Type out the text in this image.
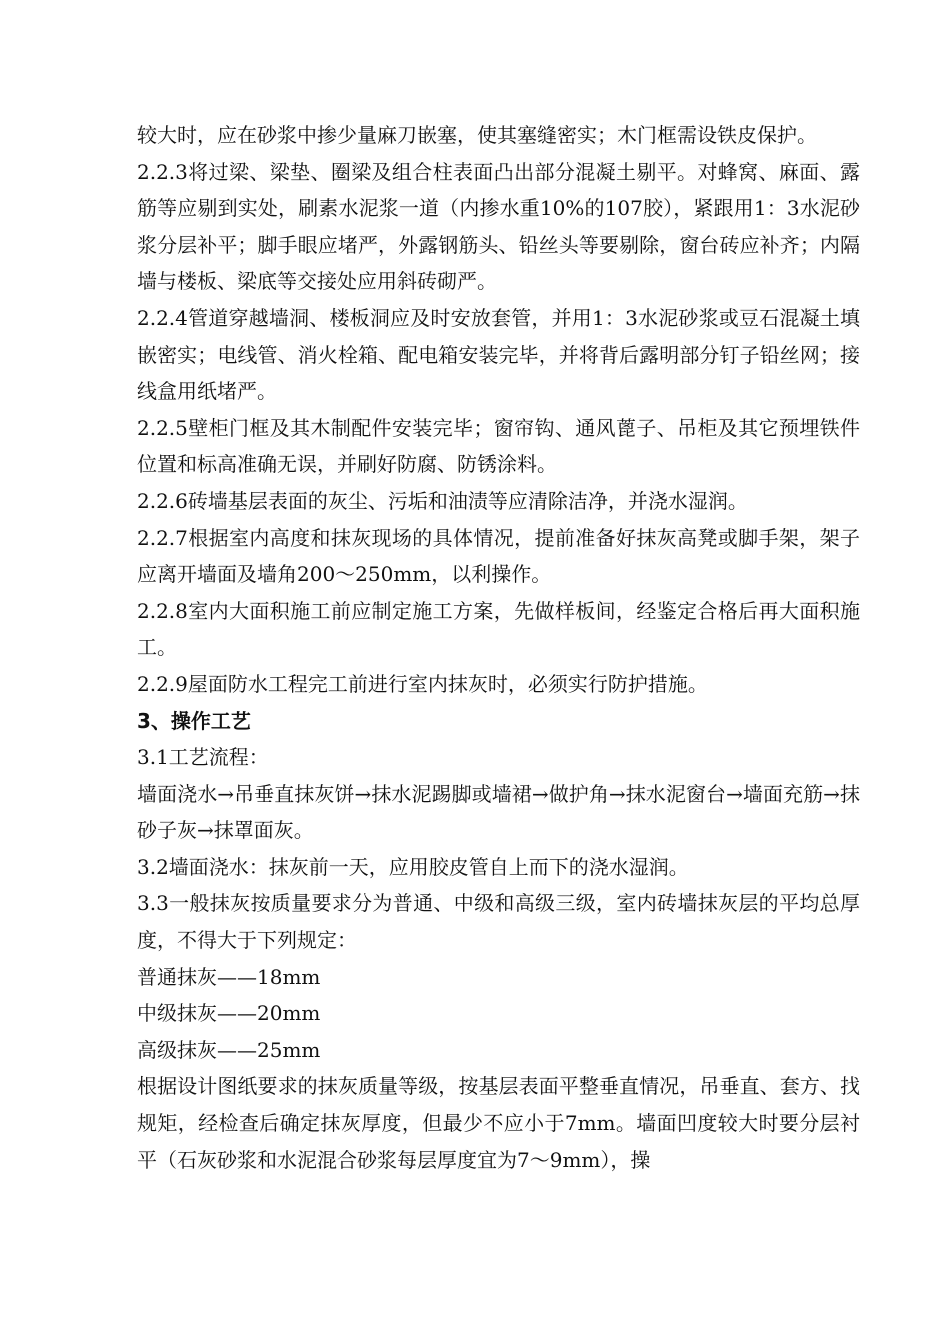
较大时，应在砂浆中掺少量麻刀嵌塞，使其塞缝密实；木门框需设铁皮保护。

2.2.3将过梁、梁垫、圈梁及组合柱表面凸出部分混凝土剔平。对蜂窝、麻面、露筋等应剔到实处，刷素水泥浆一道（内掺水重10%的107胶），紧跟用1：3水泥砂浆分层补平；脚手眼应堵严，外露钢筋头、铅丝头等要剔除，窗台砖应补齐；内隔墙与楼板、梁底等交接处应用斜砖砌严。

2.2.4管道穿越墙洞、楼板洞应及时安放套管，并用1：3水泥砂浆或豆石混凝土填嵌密实；电线管、消火栓箱、配电箱安装完毕，并将背后露明部分钉子铅丝网；接线盒用纸堵严。

2.2.5壁柜门框及其木制配件安装完毕；窗帘钩、通风蓖子、吊柜及其它预埋铁件位置和标高准确无误，并刷好防腐、防锈涂料。

2.2.6砖墙基层表面的灰尘、污垢和油渍等应清除洁净，并浇水湿润。

2.2.7根据室内高度和抹灰现场的具体情况，提前准备好抹灰高凳或脚手架，架子应离开墙面及墙角200～250mm，以利操作。

2.2.8室内大面积施工前应制定施工方案，先做样板间，经鉴定合格后再大面积施工。

2.2.9屋面防水工程完工前进行室内抹灰时，必须实行防护措施。

3、操作工艺

3.1工艺流程：

墙面浇水→吊垂直抹灰饼→抹水泥踢脚或墙裙→做护角→抹水泥窗台→墙面充筋→抹砂子灰→抹罩面灰。

3.2墙面浇水：抹灰前一天，应用胶皮管自上而下的浇水湿润。

3.3一般抹灰按质量要求分为普通、中级和高级三级，室内砖墙抹灰层的平均总厚度，不得大于下列规定：

普通抹灰——18mm

中级抹灰——20mm

高级抹灰——25mm

根据设计图纸要求的抹灰质量等级，按基层表面平整垂直情况，吊垂直、套方、找规矩，经检查后确定抹灰厚度，但最少不应小于7mm。墙面凹度较大时要分层衬平（石灰砂浆和水泥混合砂浆每层厚度宜为7～9mm），操
